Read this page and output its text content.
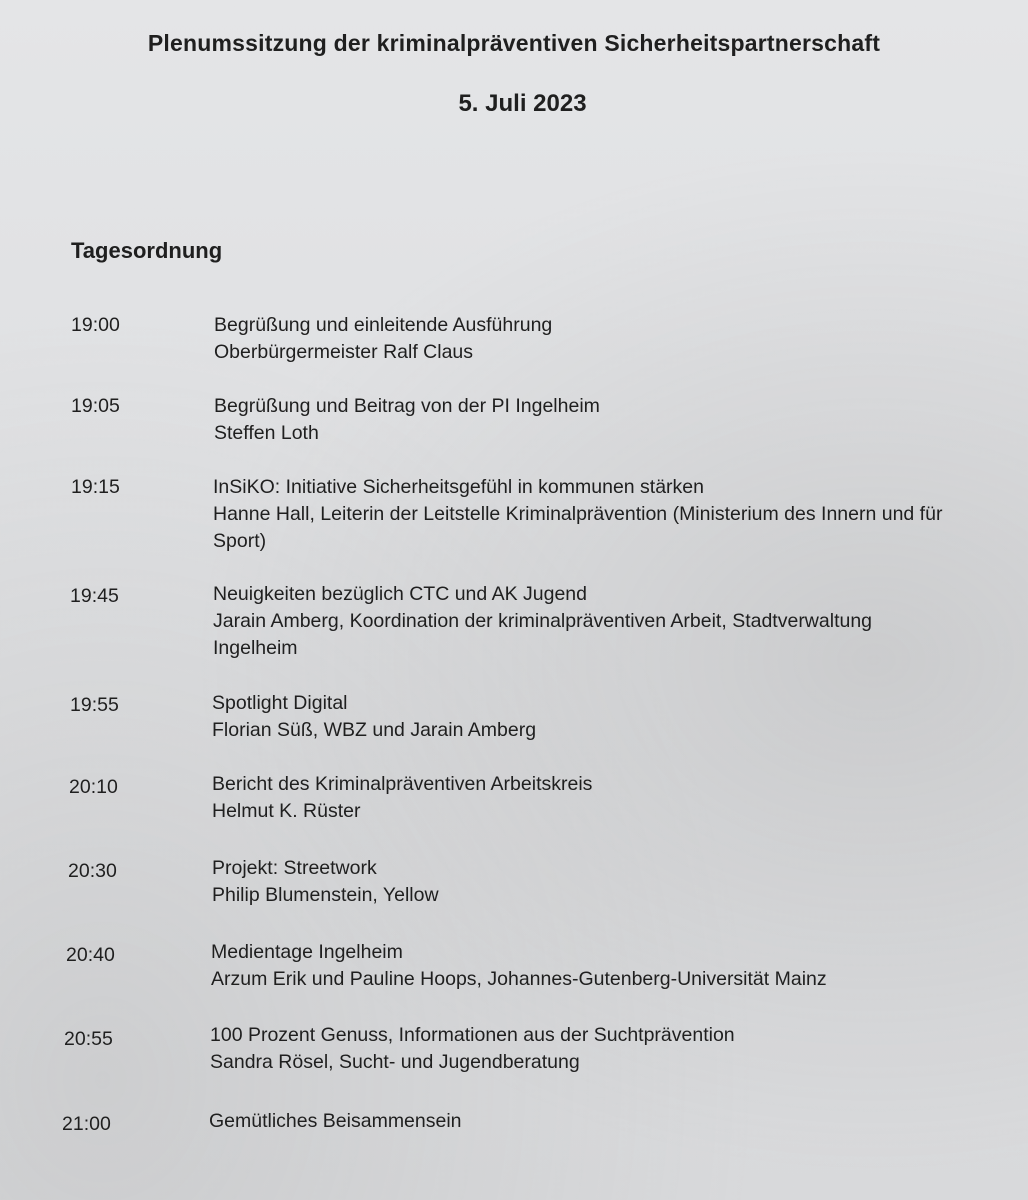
Plenumssitzung der kriminalpräventiven Sicherheitspartnerschaft
5. Juli 2023
Tagesordnung
19:00	Begrüßung und einleitende Ausführung
Oberbürgermeister Ralf Claus
19:05	Begrüßung und Beitrag von der PI Ingelheim
Steffen Loth
19:15	InSiKO: Initiative Sicherheitsgefühl in kommunen stärken
Hanne Hall, Leiterin der Leitstelle Kriminalprävention (Ministerium des Innern und für Sport)
19:45	Neuigkeiten bezüglich CTC und AK Jugend
Jarain Amberg, Koordination der kriminalpräventiven Arbeit, Stadtverwaltung Ingelheim
19:55	Spotlight Digital
Florian Süß, WBZ und Jarain Amberg
20:10	Bericht des Kriminalpräventiven Arbeitskreis
Helmut K. Rüster
20:30	Projekt: Streetwork
Philip Blumenstein, Yellow
20:40	Medientage Ingelheim
Arzum Erik und Pauline Hoops, Johannes-Gutenberg-Universität Mainz
20:55	100 Prozent Genuss, Informationen aus der Suchtprävention
Sandra Rösel, Sucht- und Jugendberatung
21:00	Gemütliches Beisammensein
